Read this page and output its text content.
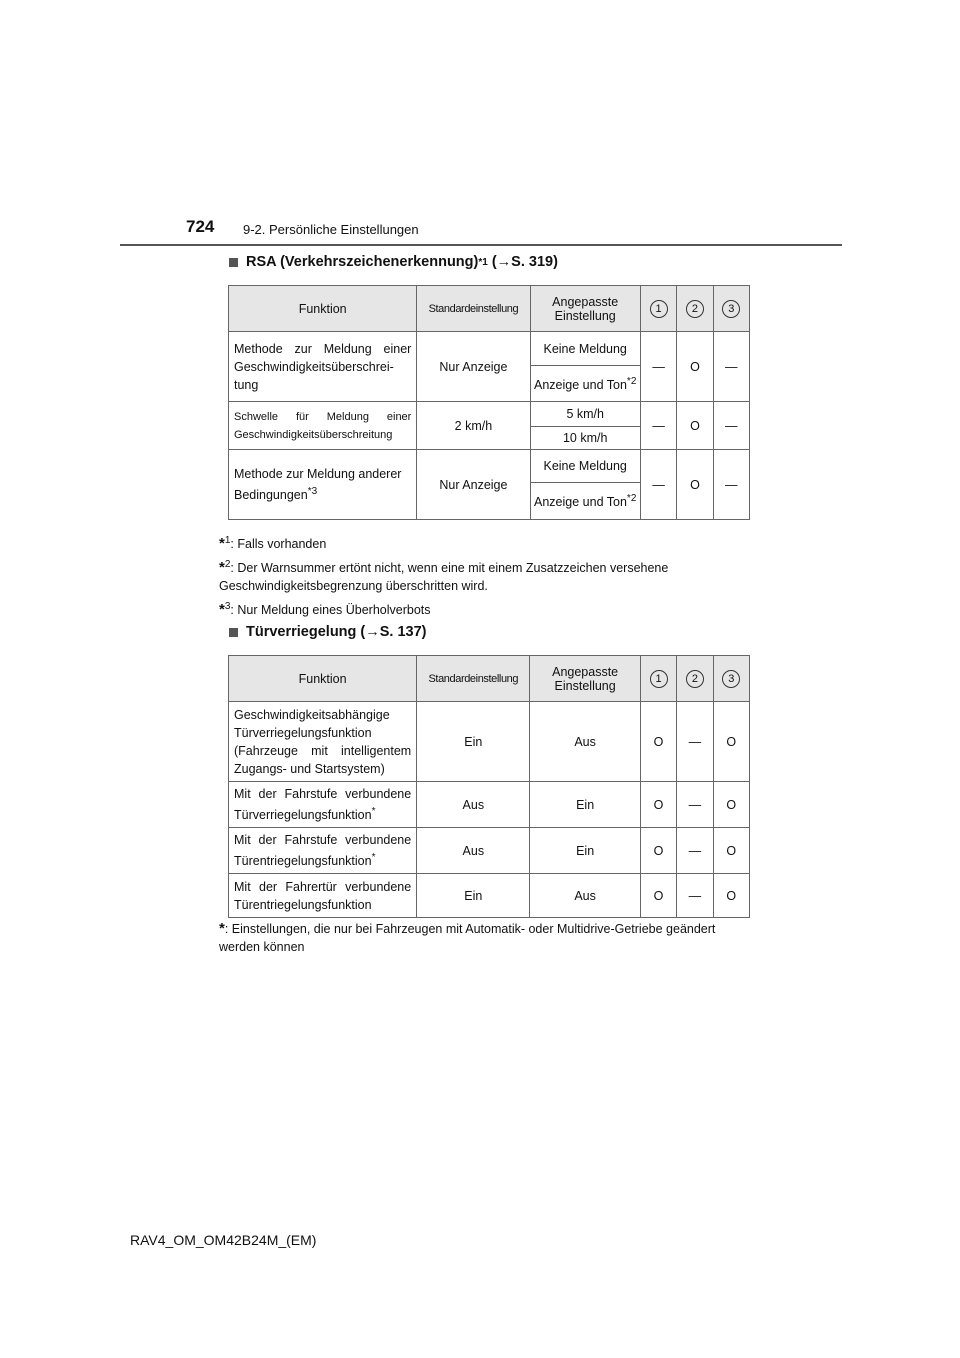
724 9-2. Persönliche Einstellungen
RSA (Verkehrszeichenerkennung) *1
(→S. 319)
Funktion	Standardeinstellung	Angepasste Einstellung	1	2	3
Methode zur Meldung einer Geschwindigkeitsüberschreitung	Nur Anzeige	Keine Meldung	—	O	—
		Anzeige und Ton$^{*2}$
Schwelle für Meldung einer Geschwindigkeitsüberschreitung	2 km/h	5 km/h	—	O	—
		10 km/h			
Methode zur Meldung anderer Bedingungen$^{*3}$	Nur Anzeige	Keine Meldung	—	O	—
		Anzeige und Ton$^{*2}$
*$^1$: Falls vorhanden
*$^2$: Der Warnsummer ertönt nicht, wenn eine mit einem Zusatzzeichen versehene Geschwindigkeitsbegrenzung überschritten wird.
*$^3$: Nur Meldung eines Überholverbots
Türverriegelung
(→S. 137)
Funktion	Standardeinstellung	Angepasste Einstellung	1	2	3
Geschwindigkeitsabhängige Türverriegelungsfunktion (Fahrzeuge mit intelligentem Zugangs- und Startsystem)	Ein	Aus	O	—	O
Mit der Fahrstufe verbundene Türverriegelungsfunktion*	Aus	Ein	O	—	O
Mit der Fahrstufe verbundene Türentriegelungsfunktion*	Aus	Ein	O	—	O
Mit der Fahrertür verbundene Türentriegelungsfunktion	Ein	Aus	O	—	O
*: Einstellungen, die nur bei Fahrzeugen mit Automatik- oder Multidrive-Getriebe geändert werden können
RAV4_OM_OM42B24M_(EM)
